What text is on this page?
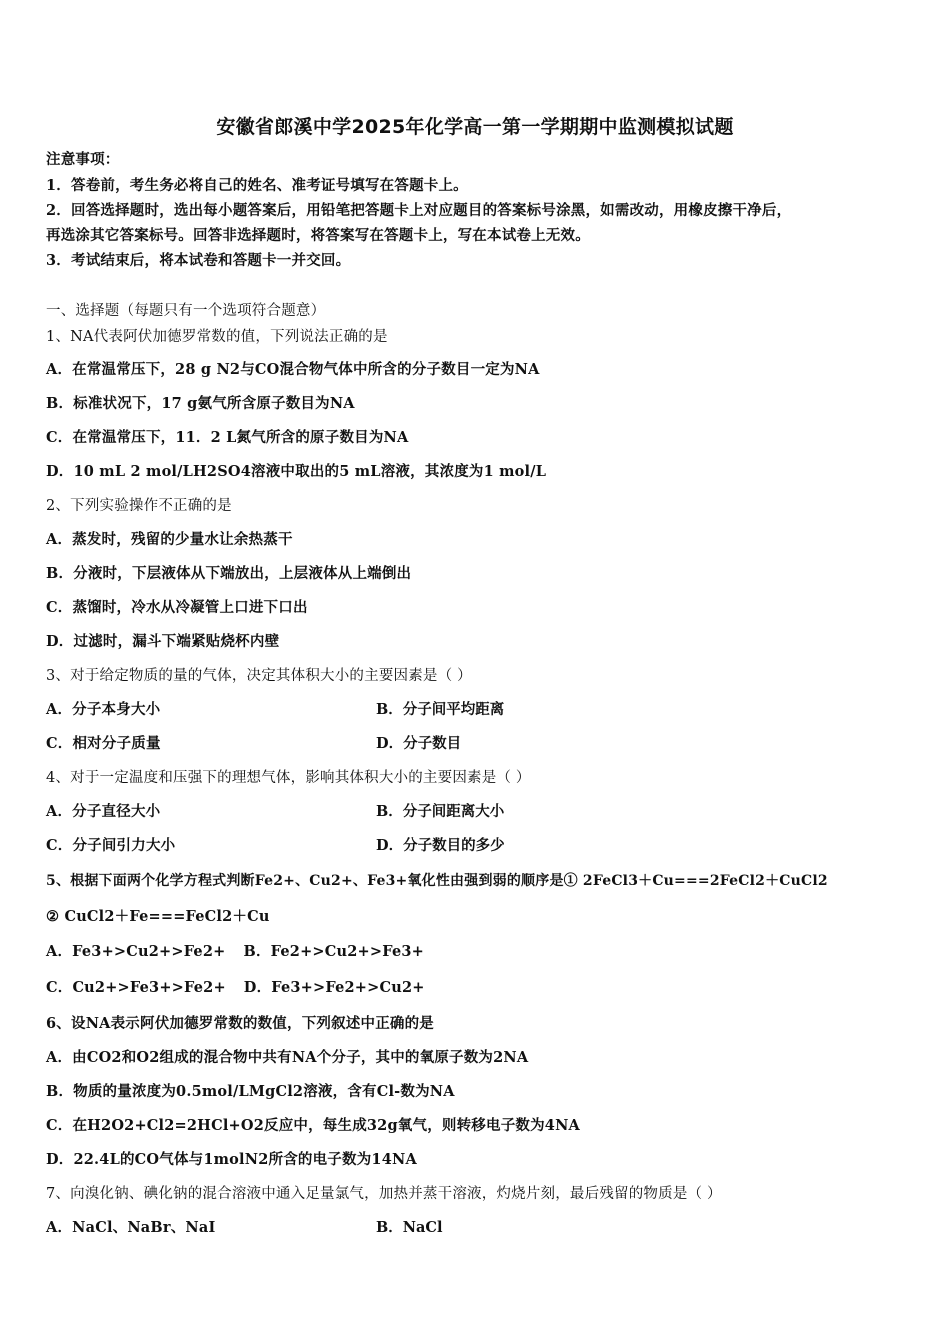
安徽省郎溪中学2025年化学高一第一学期期中监测模拟试题
注意事项：
1．答卷前，考生务必将自己的姓名、准考证号填写在答题卡上。
2．回答选择题时，选出每小题答案后，用铅笔把答题卡上对应题目的答案标号涂黑，如需改动，用橡皮擦干净后，
再选涂其它答案标号。回答非选择题时，将答案写在答题卡上，写在本试卷上无效。
3．考试结束后，将本试卷和答题卡一并交回。
一、选择题（每题只有一个选项符合题意）
1、NA代表阿伏加德罗常数的值，下列说法正确的是
A．在常温常压下，28 g N2与CO混合物气体中所含的分子数目一定为NA
B．标准状况下，17 g氨气所含原子数目为NA
C．在常温常压下，11．2 L氮气所含的原子数目为NA
D．10 mL 2 mol/LH2SO4溶液中取出的5 mL溶液，其浓度为1 mol/L
2、下列实验操作不正确的是
A．蒸发时，残留的少量水让余热蒸干
B．分液时，下层液体从下端放出，上层液体从上端倒出
C．蒸馏时，冷水从冷凝管上口进下口出
D．过滤时，漏斗下端紧贴烧杯内壁
3、对于给定物质的量的气体，决定其体积大小的主要因素是（ ）
A．分子本身大小	B．分子间平均距离
C．相对分子质量	D．分子数目
4、对于一定温度和压强下的理想气体，影响其体积大小的主要因素是（ ）
A．分子直径大小	B．分子间距离大小
C．分子间引力大小	D．分子数目的多少
5、根据下面两个化学方程式判断Fe2+、Cu2+、Fe3+氧化性由强到弱的顺序是① 2FeCl3＋Cu===2FeCl2＋CuCl2
② CuCl2＋Fe===FeCl2＋Cu
A．Fe3+>Cu2+>Fe2+ B．Fe2+>Cu2+>Fe3+
C．Cu2+>Fe3+>Fe2+ D．Fe3+>Fe2+>Cu2+
6、设NA表示阿伏加德罗常数的数值，下列叙述中正确的是
A．由CO2和O2组成的混合物中共有NA个分子，其中的氧原子数为2NA
B．物质的量浓度为0.5mol/LMgCl2溶液，含有Cl-数为NA
C．在H2O2+Cl2=2HCl+O2反应中，每生成32g氧气，则转移电子数为4NA
D．22.4L的CO气体与1molN2所含的电子数为14NA
7、向溴化钠、碘化钠的混合溶液中通入足量氯气，加热并蒸干溶液，灼烧片刻，最后残留的物质是（ ）
A．NaCl、NaBr、NaI	B．NaCl
